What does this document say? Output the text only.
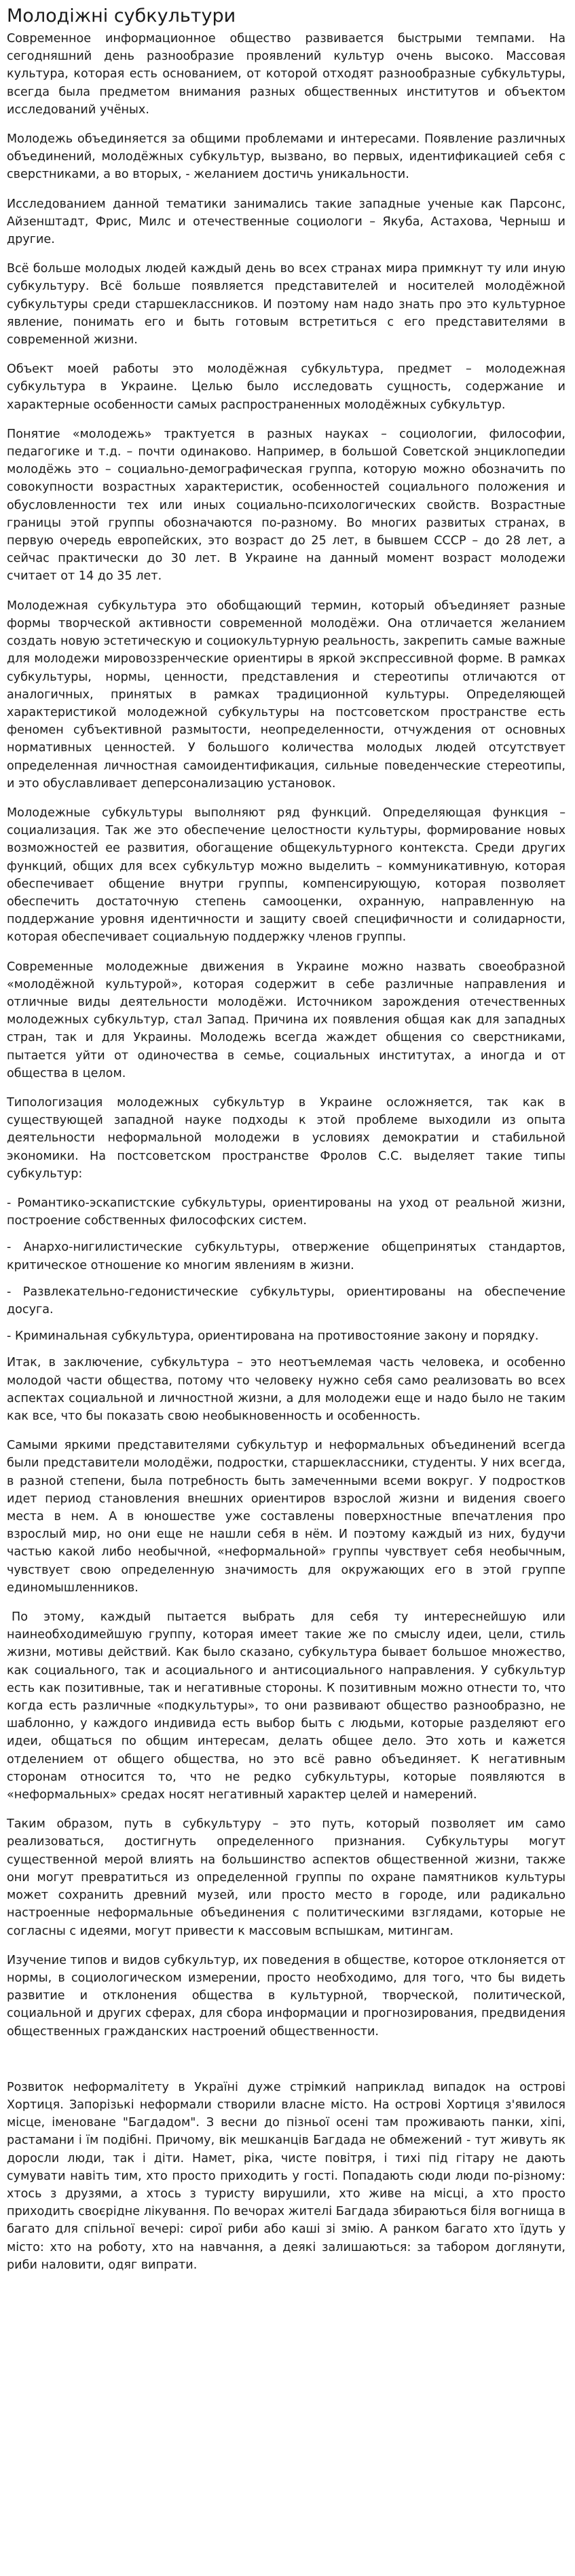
Молодіжні субкультури

Современное информационное общество развивается быстрыми темпами. На сегодняшний день разнообразие проявлений культур очень высоко. Массовая культура, которая есть основанием, от которой отходят разнообразные субкультуры, всегда была предметом внимания разных общественных институтов и объектом исследований учёных.

Молодежь объединяется за общими проблемами и интересами. Появление различных объединений, молодёжных субкультур, вызвано, во первых, идентификацией себя с сверстниками, а во вторых, - желанием достичь уникальности.

Исследованием данной тематики занимались такие западные ученые как Парсонс, Айзенштадт, Фрис, Милс и отечественные социологи – Якуба, Астахова, Черныш и другие.

Всё больше молодых людей каждый день во всех странах мира примкнут ту или иную субкультуру. Всё больше появляется представителей и носителей молодёжной субкультуры среди старшеклассников. И поэтому нам надо знать про это культурное явление, понимать его и быть готовым встретиться с его представителями в современной жизни.

Объект моей работы это молодёжная субкультура, предмет – молодежная субкультура в Украине. Целью было исследовать сущность, содержание и характерные особенности самых распространенных молодёжных субкультур.

Понятие «молодежь» трактуется в разных науках – социологии, философии, педагогике и т.д. – почти одинаково. Например, в большой Советской энциклопедии молодёжь это – социально-демографическая группа, которую можно обозначить по совокупности возрастных характеристик, особенностей социального положения и обусловленности тех или иных социально-психологических свойств. Возрастные границы этой группы обозначаются по-разному. Во многих развитых странах, в первую очередь европейских, это возраст до 25 лет, в бывшем СССР – до 28 лет, а сейчас практически до 30 лет. В Украине на данный момент возраст молодежи считает от 14 до 35 лет.

Молодежная субкультура это обобщающий термин, который объединяет разные формы творческой активности современной молодёжи. Она отличается желанием создать новую эстетическую и социокультурную реальность, закрепить самые важные для молодежи мировоззренческие ориентиры в яркой экспрессивной форме. В рамках субкультуры, нормы, ценности, представления и стереотипы отличаются от аналогичных, принятых в рамках традиционной культуры. Определяющей характеристикой молодежной субкультуры на постсоветском пространстве есть феномен субъективной размытости, неопределенности, отчуждения от основных нормативных ценностей. У большого количества молодых людей отсутствует определенная личностная самоидентификация, сильные поведенческие стереотипы, и это обуславливает деперсонализацию установок.

Молодежные субкультуры выполняют ряд функций. Определяющая функция – социализация. Так же это обеспечение целостности культуры, формирование новых возможностей ее развития, обогащение общекультурного контекста. Среди других функций, общих для всех субкультур можно выделить – коммуникативную, которая обеспечивает общение внутри группы, компенсирующую, которая позволяет обеспечить достаточную степень самооценки, охранную, направленную на поддержание уровня идентичности и защиту своей специфичности и солидарности, которая обеспечивает социальную поддержку членов группы.

Современные молодежные движения в Украине можно назвать своеобразной «молодёжной культурой», которая содержит в себе различные направления и отличные виды деятельности молодёжи. Источником зарождения отечественных молодежных субкультур, стал Запад. Причина их появления общая как для западных стран, так и для Украины. Молодежь всегда жаждет общения со сверстниками, пытается уйти от одиночества в семье, социальных институтах, а иногда и от общества в целом.

Типологизация молодежных субкультур в Украине осложняется, так как в существующей западной науке подходы к этой проблеме выходили из опыта деятельности неформальной молодежи в условиях демократии и стабильной экономики. На постсоветском пространстве Фролов С.С. выделяет такие типы субкультур:

- Романтико-эскапистские субкультуры, ориентированы на уход от реальной жизни, построение собственных философских систем.

- Анархо-нигилистические субкультуры, отвержение общепринятых стандартов, критическое отношение ко многим явлениям в жизни.

- Развлекательно-гедонистические субкультуры, ориентированы на обеспечение досуга.

- Криминальная субкультура, ориентирована на противостояние закону и порядку.

Итак, в заключение, субкультура – это неотъемлемая часть человека, и особенно молодой части общества, потому что человеку нужно себя само реализовать во всех аспектах социальной и личностной жизни, а для молодежи еще и надо было не таким как все, что бы показать свою необыкновенность и особенность.

Самыми яркими представителями субкультур и неформальных объединений всегда были представители молодёжи, подростки, старшеклассники, студенты. У них всегда, в разной степени, была потребность быть замеченными всеми вокруг. У подростков идет период становления внешних ориентиров взрослой жизни и видения своего места в нем. А в юношестве уже составлены поверхностные впечатления про взрослый мир, но они еще не нашли себя в нём. И поэтому каждый из них, будучи частью какой либо необычной, «неформальной» группы чувствует себя необычным, чувствует свою определенную значимость для окружающих его в этой группе единомышленников.

По этому, каждый пытается выбрать для себя ту интереснейшую или наинеобходимейшую группу, которая имеет такие же по смыслу идеи, цели, стиль жизни, мотивы действий. Как было сказано, субкультура бывает большое множество, как социального, так и асоциального и антисоциального направления. У субкультур есть как позитивные, так и негативные стороны. К позитивным можно отнести то, что когда есть различные «подкультуры», то они развивают общество разнообразно, не шаблонно, у каждого индивида есть выбор быть с людьми, которые разделяют его идеи, общаться по общим интересам, делать общее дело. Это хоть и кажется отделением от общего общества, но это всё равно объединяет. К негативным сторонам относится то, что не редко субкультуры, которые появляются в «неформальных» средах носят негативный характер целей и намерений.

Таким образом, путь в субкультуру – это путь, который позволяет им само реализоваться, достигнуть определенного признания. Субкультуры могут существенной мерой влиять на большинство аспектов общественной жизни, также они могут превратиться из определенной группы по охране памятников культуры может сохранить древний музей, или просто место в городе, или радикально настроенные неформальные объединения с политическими взглядами, которые не согласны с идеями, могут привести к массовым вспышкам, митингам.

Изучение типов и видов субкультур, их поведения в обществе, которое отклоняется от нормы, в социологическом измерении, просто необходимо, для того, что бы видеть развитие и отклонения общества в культурной, творческой, политической, социальной и других сферах, для сбора информации и прогнозирования, предвидения общественных гражданских настроений общественности.

Розвиток неформалітету в Україні дуже стрімкий наприклад випадок на острові Хортиця. Запорізькі неформали створили власне місто. На острові Хортиця з'явилося місце, іменоване "Багдадом". З весни до пізньої осені там проживають панки, хіпі, растамани і їм подібні. Причому, вік мешканців Багдада не обмежений - тут живуть як доросли люди, так і діти. Намет, ріка, чисте повітря, і тихі під гітару не дають сумувати навіть тим, хто просто приходить у гості. Попадають сюди люди по-різному: хтось з друзями, а хтось з туристу вирушили, хто живе на місці, а хто просто приходить своєрідне лікування. По вечорах жителі Багдада збираються біля вогнища в багато для спільної вечері: сирої риби або каші зі змію. А ранком багато хто їдуть у місто: хто на роботу, хто на навчання, а деякі залишаються: за табором доглянути, риби наловити, одяг випрати.
